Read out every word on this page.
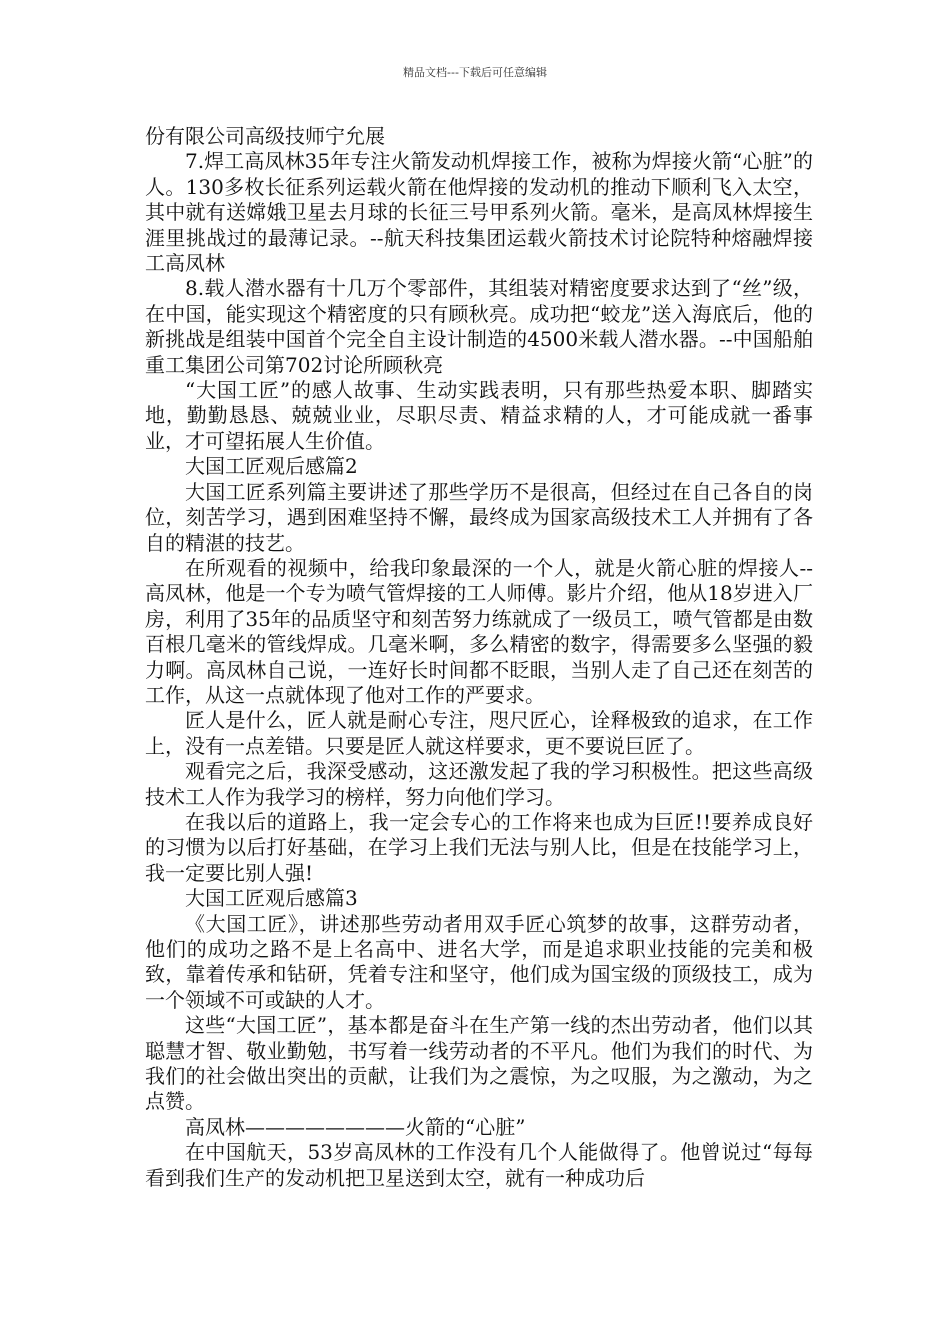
精品文档---下载后可任意编辑

份有限公司高级技师宁允展

7.焊工高凤林35年专注火箭发动机焊接工作，被称为焊接火箭“心脏”的人。130多枚长征系列运载火箭在他焊接的发动机的推动下顺利飞入太空，其中就有送嫦娥卫星去月球的长征三号甲系列火箭。毫米，是高凤林焊接生涯里挑战过的最薄记录。--航天科技集团运载火箭技术讨论院特种熔融焊接工高凤林

8.载人潜水器有十几万个零部件，其组装对精密度要求达到了“丝”级，在中国，能实现这个精密度的只有顾秋亮。成功把“蛟龙”送入海底后，他的新挑战是组装中国首个完全自主设计制造的4500米载人潜水器。--中国船舶重工集团公司第702讨论所顾秋亮

“大国工匠”的感人故事、生动实践表明，只有那些热爱本职、脚踏实地，勤勤恳恳、兢兢业业，尽职尽责、精益求精的人，才可能成就一番事业，才可望拓展人生价值。

大国工匠观后感篇2

大国工匠系列篇主要讲述了那些学历不是很高，但经过在自己各自的岗位，刻苦学习，遇到困难坚持不懈，最终成为国家高级技术工人并拥有了各自的精湛的技艺。

在所观看的视频中，给我印象最深的一个人，就是火箭心脏的焊接人--高凤林，他是一个专为喷气管焊接的工人师傅。影片介绍，他从18岁进入厂房，利用了35年的品质坚守和刻苦努力练就成了一级员工，喷气管都是由数百根几毫米的管线焊成。几毫米啊，多么精密的数字，得需要多么坚强的毅力啊。高凤林自己说，一连好长时间都不眨眼，当别人走了自己还在刻苦的工作，从这一点就体现了他对工作的严要求。

匠人是什么，匠人就是耐心专注，咫尺匠心，诠释极致的追求，在工作上，没有一点差错。只要是匠人就这样要求，更不要说巨匠了。

观看完之后，我深受感动，这还激发起了我的学习积极性。把这些高级技术工人作为我学习的榜样，努力向他们学习。

在我以后的道路上，我一定会专心的工作将来也成为巨匠!!要养成良好的习惯为以后打好基础，在学习上我们无法与别人比，但是在技能学习上，我一定要比别人强!

大国工匠观后感篇3

《大国工匠》，讲述那些劳动者用双手匠心筑梦的故事，这群劳动者，他们的成功之路不是上名高中、进名大学，而是追求职业技能的完美和极致，靠着传承和钻研，凭着专注和坚守，他们成为国宝级的顶级技工，成为一个领域不可或缺的人才。

这些“大国工匠”，基本都是奋斗在生产第一线的杰出劳动者，他们以其聪慧才智、敬业勤勉，书写着一线劳动者的不平凡。他们为我们的时代、为我们的社会做出突出的贡献，让我们为之震惊，为之叹服，为之激动，为之点赞。

高凤林————————火箭的“心脏”

在中国航天，53岁高凤林的工作没有几个人能做得了。他曾说过“每每看到我们生产的发动机把卫星送到太空，就有一种成功后
